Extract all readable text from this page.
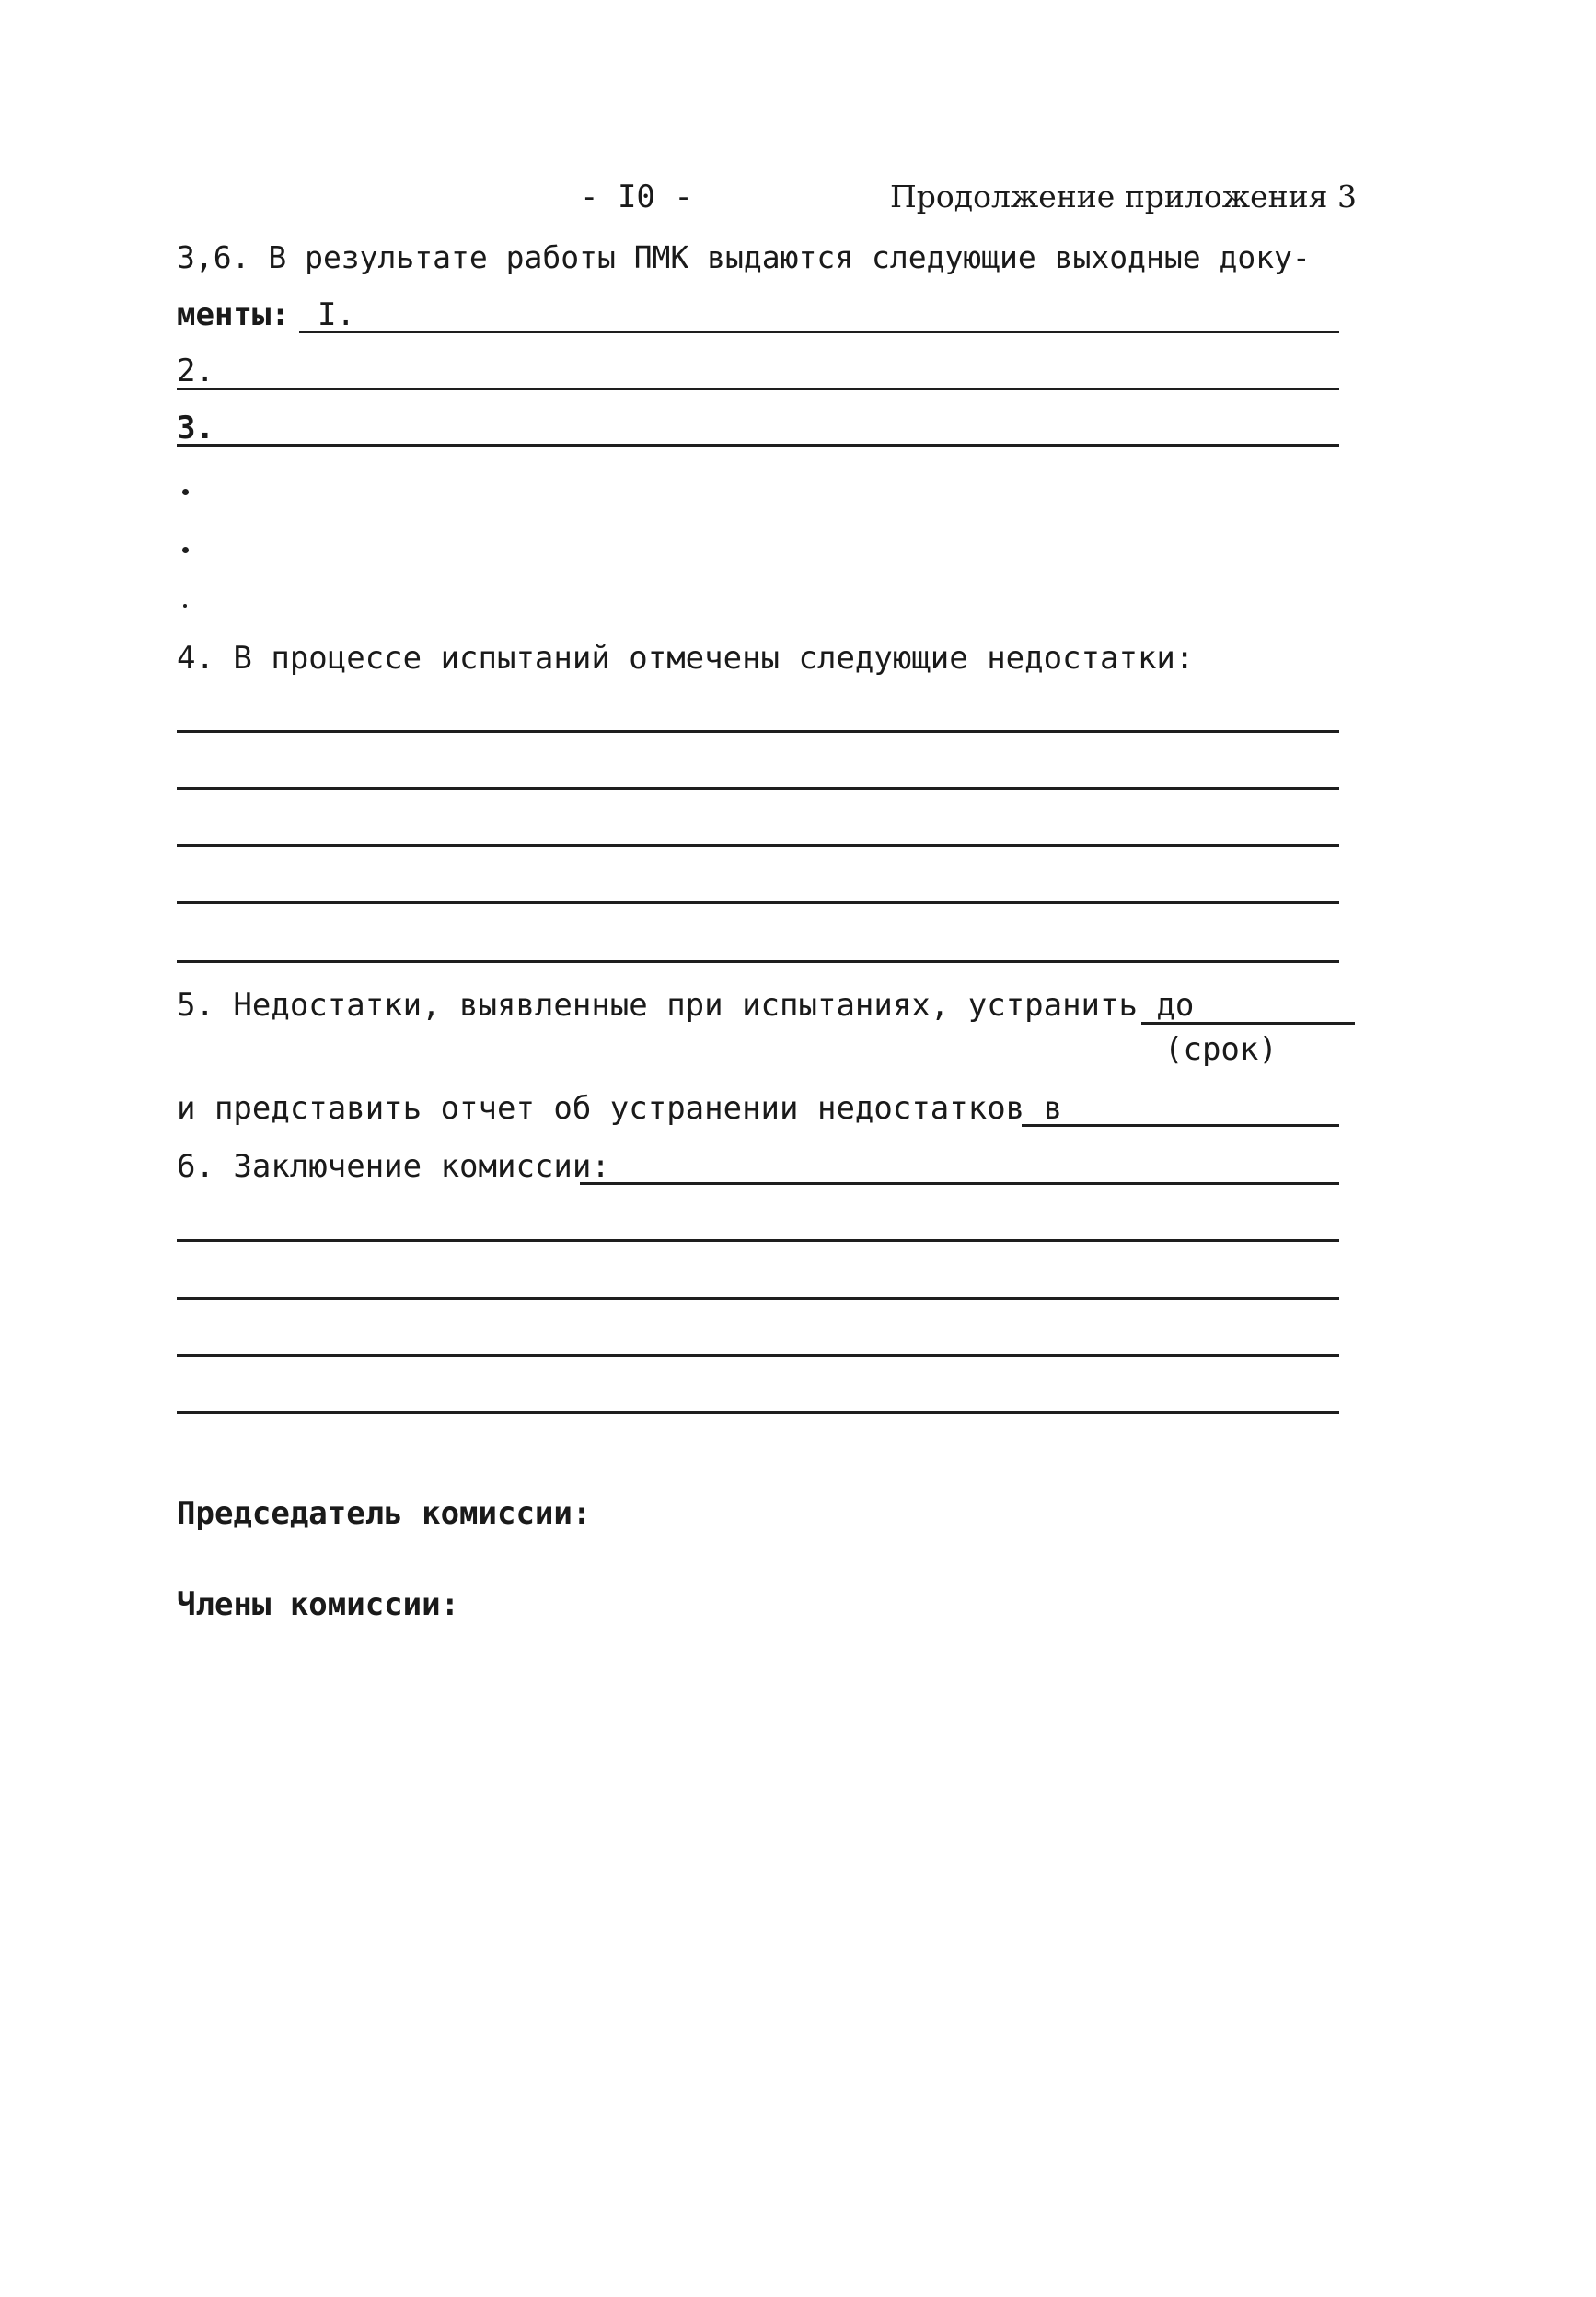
- I0 -	Продолжение приложения 3
3,6. В результате работы ПМК выдаются следующие выходные доку-
менты: I.
2.
3.
4. В процессе испытаний отмечены следующие недостатки:
5. Недостатки, выявленные при испытаниях, устранить до
(срок)
и представить отчет об устранении недостатков в
6. Заключение комиссии:
Председатель комиссии:
Члены комиссии:
